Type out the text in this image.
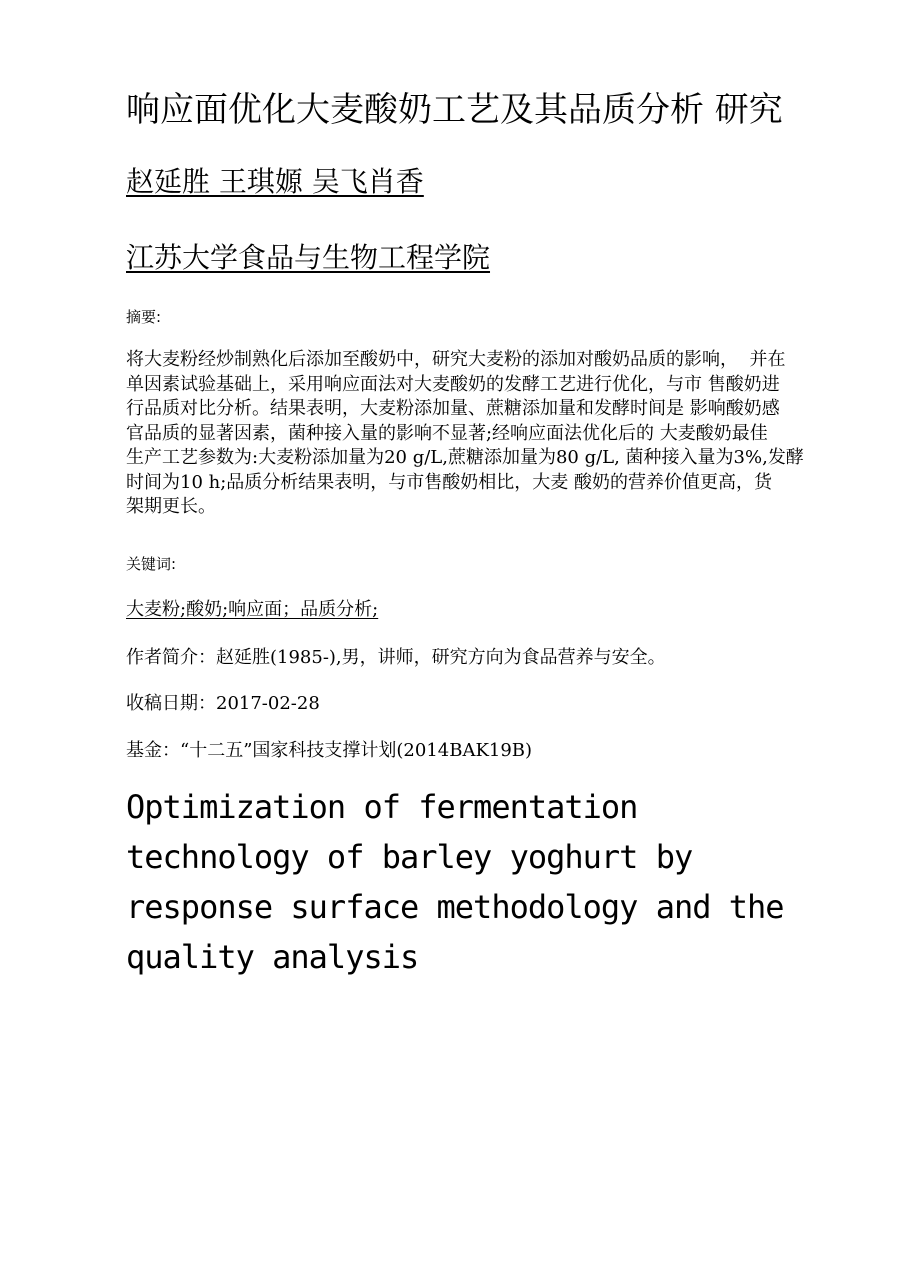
响应面优化大麦酸奶工艺及其品质分析 研究
赵延胜 王琪嫄 吴飞肖香
江苏大学食品与生物工程学院
摘要:
将大麦粉经炒制熟化后添加至酸奶中，研究大麦粉的添加对酸奶品质的影响，  并在
单因素试验基础上，采用响应面法对大麦酸奶的发酵工艺进行优化，与市 售酸奶进
行品质对比分析。结果表明，大麦粉添加量、蔗糖添加量和发酵时间是 影响酸奶感
官品质的显著因素，菌种接入量的影响不显著;经响应面法优化后的 大麦酸奶最佳
生产工艺参数为:大麦粉添加量为20 g/L,蔗糖添加量为80 g/L, 菌种接入量为3%,发酵
时间为10 h;品质分析结果表明，与市售酸奶相比，大麦 酸奶的营养价值更高，货
架期更长。
关键词:
大麦粉;酸奶;响应面；品质分析;
作者简介：赵延胜(1985-),男，讲师，研究方向为食品营养与安全。
收稿日期：2017-02-28
基金：“十二五”国家科技支撑计划(2014BAK19B)
Optimization of fermentation
technology of barley yoghurt by
response surface methodology and the
quality analysis
